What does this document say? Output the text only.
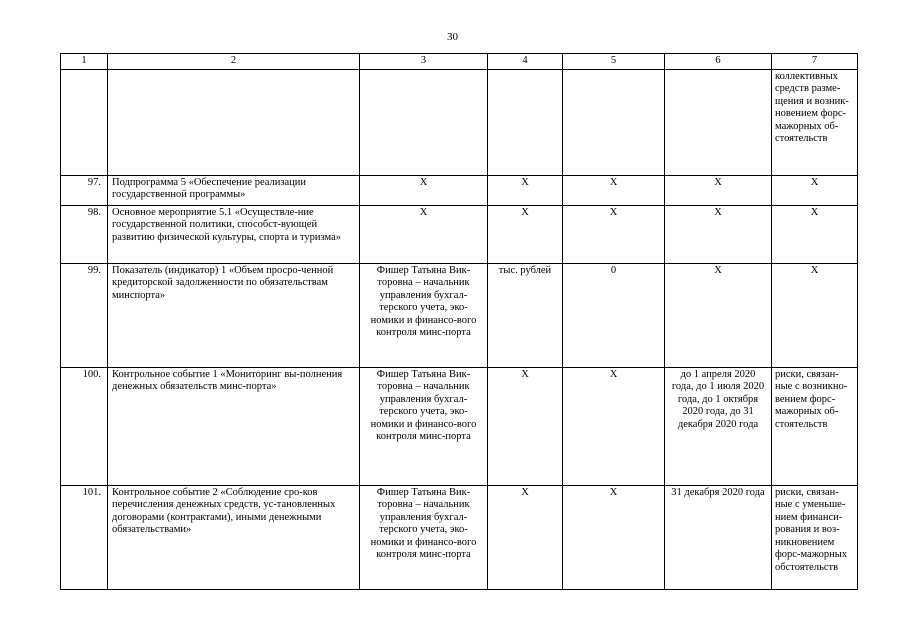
30
1	2	3	4	5	6	7
						коллективных средств разме-щения и возник-новением форс-мажорных об-стоятельств
97.	Подпрограмма 5 «Обеспечение реализации государственной программы»	Х	Х	Х	Х	Х
98.	Основное мероприятие 5.1 «Осуществле-ние государственной политики, способст-вующей развитию физической культуры, спорта и туризма»	Х	Х	Х	Х	Х
99.	Показатель (индикатор) 1 «Объем просро-ченной кредиторской задолженности по обязательствам минспорта»	Фишер Татьяна Вик-торовна – начальник управления бухгал-терского учета, эко-номики и финансо-вого контроля минс-порта	тыс. рублей	0	Х	Х
100.	Контрольное событие 1 «Мониторинг вы-полнения денежных обязательств минс-порта»	Фишер Татьяна Вик-торовна – начальник управления бухгал-терского учета, эко-номики и финансо-вого контроля минс-порта	Х	Х	до 1 апреля 2020 года, до 1 июля 2020 года, до 1 октября 2020 года, до 31 декабря 2020 года	риски, связан-ные с возникно-вением форс-мажорных об-стоятельств
101.	Контрольное событие 2 «Соблюдение сро-ков перечисления денежных средств, ус-тановленных договорами (контрактами), иными денежными обязательствами»	Фишер Татьяна Вик-торовна – начальник управления бухгал-терского учета, эко-номики и финансо-вого контроля минс-порта	Х	Х	31 декабря 2020 года	риски, связан-ные с уменьше-нием финанси-рования и воз-никновением форс-мажорных обстоятельств
